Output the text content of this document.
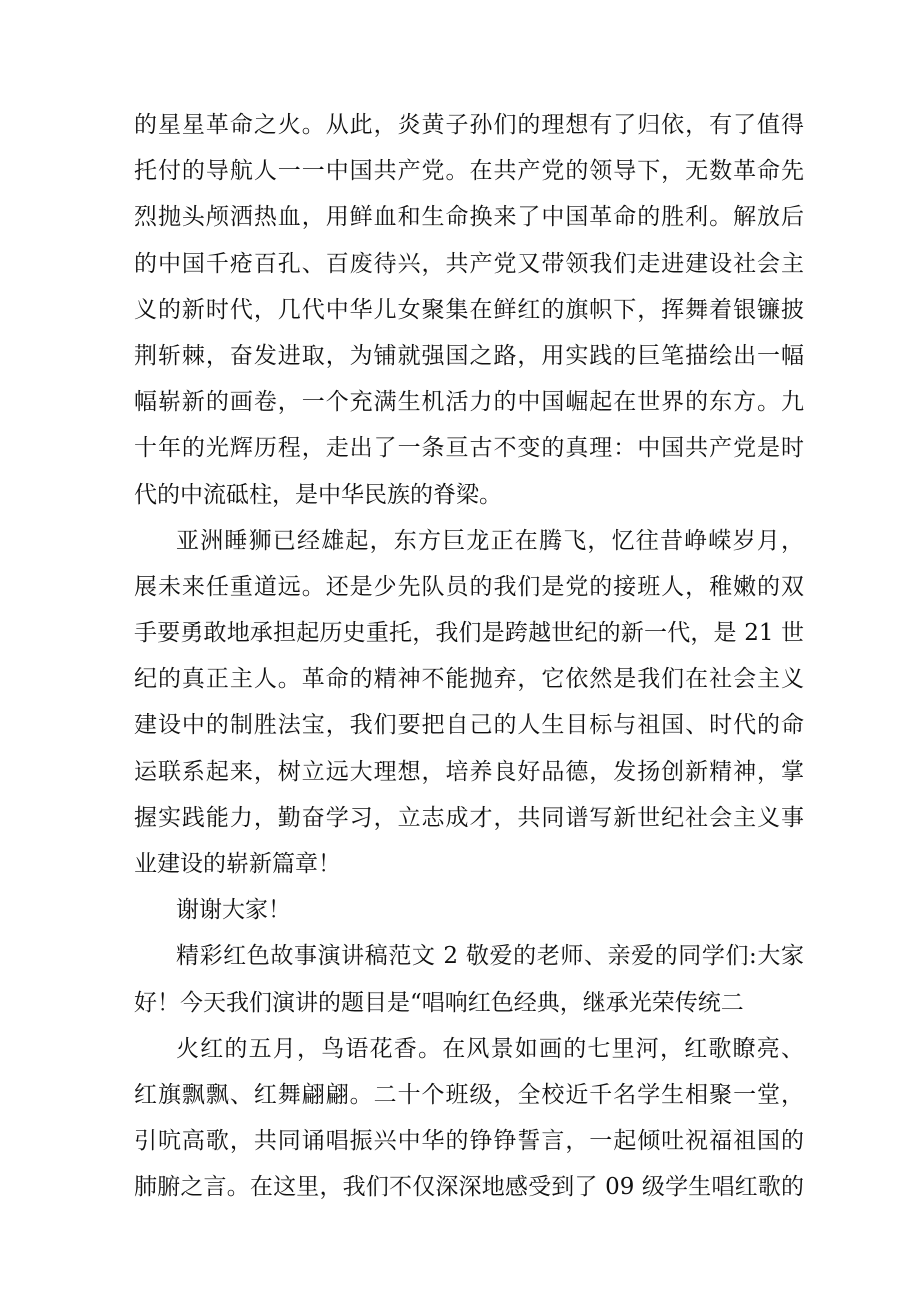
的星星革命之火。从此，炎黄子孙们的理想有了归依，有了值得
托付的导航人一一中国共产党。在共产党的领导下，无数革命先
烈抛头颅洒热血，用鲜血和生命换来了中国革命的胜利。解放后
的中国千疮百孔、百废待兴，共产党又带领我们走进建设社会主
义的新时代，几代中华儿女聚集在鲜红的旗帜下，挥舞着银镰披
荆斩棘，奋发进取，为铺就强国之路，用实践的巨笔描绘出一幅
幅崭新的画卷，一个充满生机活力的中国崛起在世界的东方。九
十年的光辉历程，走出了一条亘古不变的真理：中国共产党是时
代的中流砥柱，是中华民族的脊梁。
亚洲睡狮已经雄起，东方巨龙正在腾飞，忆往昔峥嵘岁月，
展未来任重道远。还是少先队员的我们是党的接班人，稚嫩的双
手要勇敢地承担起历史重托，我们是跨越世纪的新一代，是 21 世
纪的真正主人。革命的精神不能抛弃，它依然是我们在社会主义
建设中的制胜法宝，我们要把自己的人生目标与祖国、时代的命
运联系起来，树立远大理想，培养良好品德，发扬创新精神，掌
握实践能力，勤奋学习，立志成才，共同谱写新世纪社会主义事
业建设的崭新篇章！
谢谢大家！
精彩红色故事演讲稿范文 2 敬爱的老师、亲爱的同学们:大家
好！今天我们演讲的题目是“唱响红色经典，继承光荣传统二
火红的五月，鸟语花香。在风景如画的七里河，红歌瞭亮、
红旗飘飘、红舞翩翩。二十个班级，全校近千名学生相聚一堂，
引吭高歌，共同诵唱振兴中华的铮铮誓言，一起倾吐祝福祖国的
肺腑之言。在这里，我们不仅深深地感受到了 09 级学生唱红歌的
